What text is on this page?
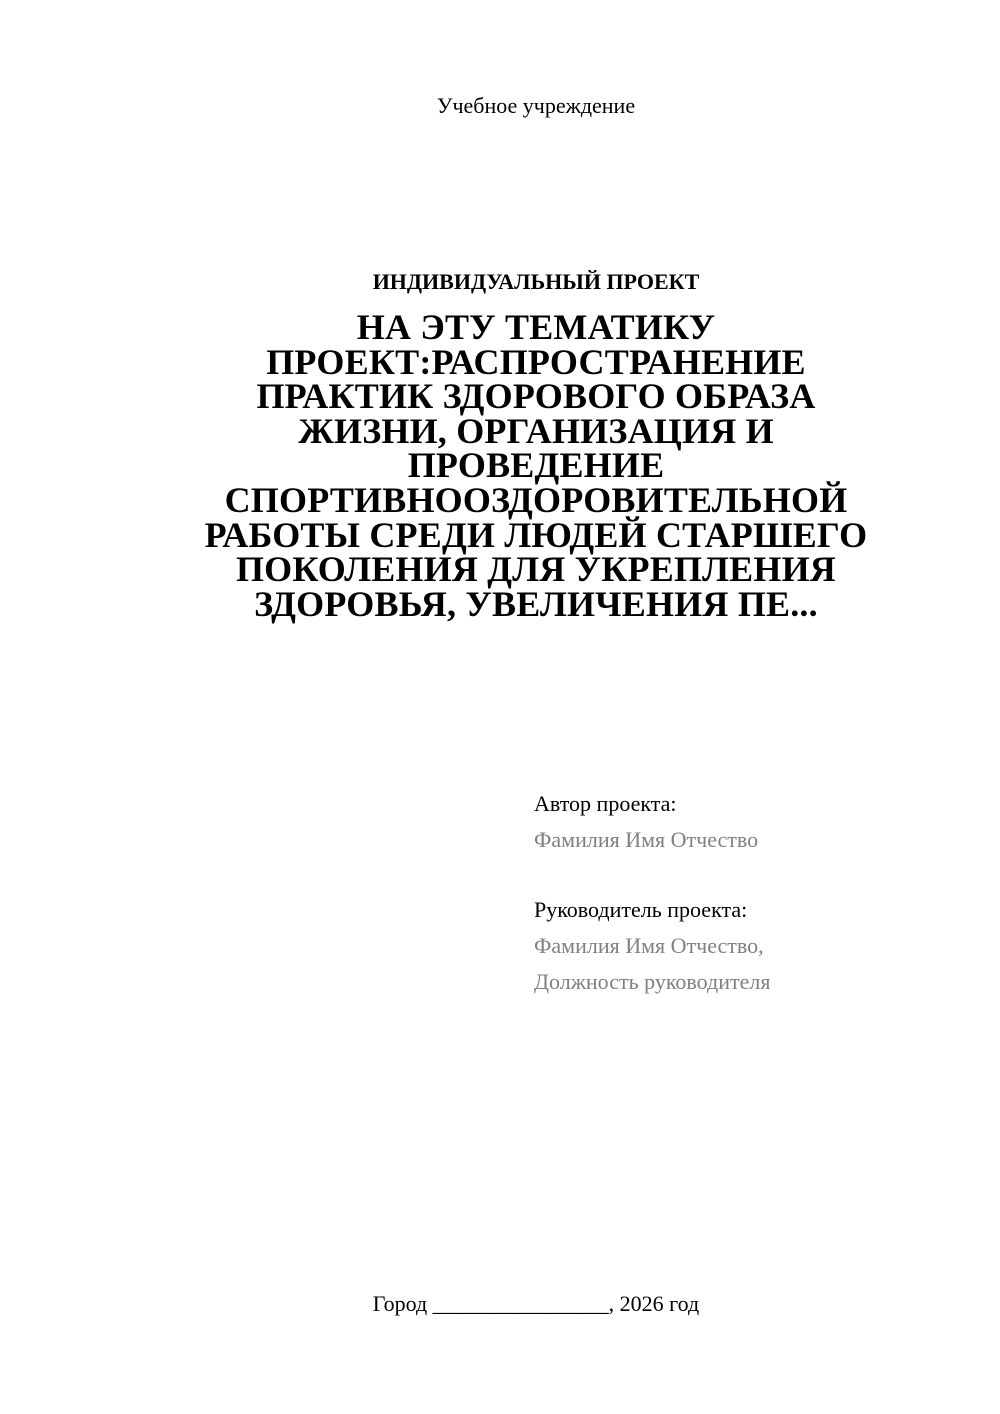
Учебное учреждение
ИНДИВИДУАЛЬНЫЙ ПРОЕКТ
НА ЭТУ ТЕМАТИКУ
ПРОЕКТ:РАСПРОСТРАНЕНИЕ
ПРАКТИК ЗДОРОВОГО ОБРАЗА
ЖИЗНИ, ОРГАНИЗАЦИЯ И
ПРОВЕДЕНИЕ
СПОРТИВНООЗДОРОВИТЕЛЬНОЙ
РАБОТЫ СРЕДИ ЛЮДЕЙ СТАРШЕГО
ПОКОЛЕНИЯ ДЛЯ УКРЕПЛЕНИЯ
ЗДОРОВЬЯ, УВЕЛИЧЕНИЯ ПЕ...
Автор проекта:
Фамилия Имя Отчество
Руководитель проекта:
Фамилия Имя Отчество,
Должность руководителя
Город ________________, 2026 год
